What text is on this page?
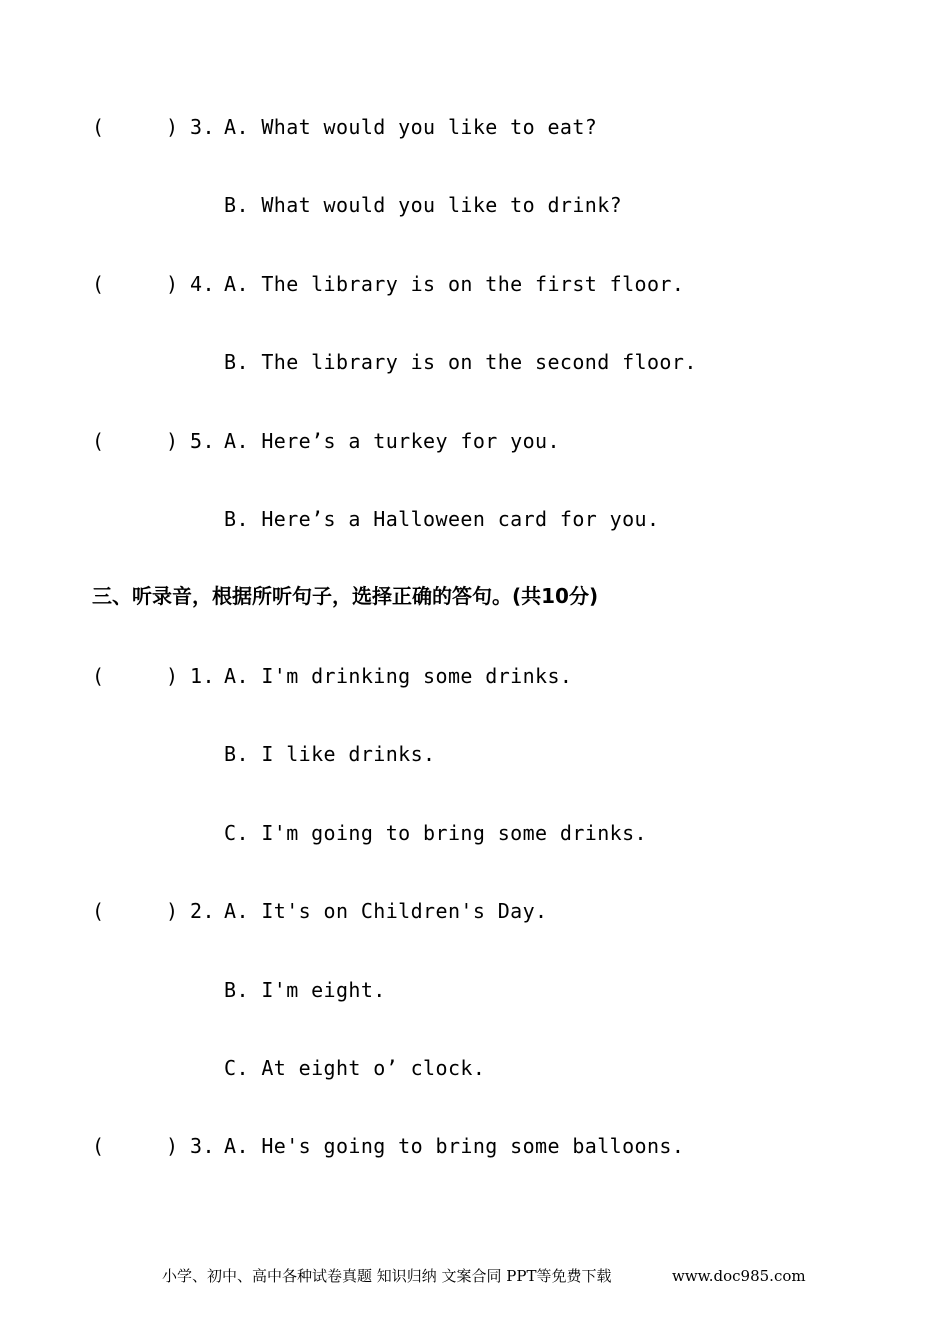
(	) 3. A. What would you like to eat?
B. What would you like to drink?
(	) 4. A. The library is on the first floor.
B. The library is on the second floor.
(	) 5. A. Here’s a turkey for you.
B. Here’s a Halloween card for you.
三、听录音，根据所听句子，选择正确的答句。(共10分)
(	) 1. A. I'm drinking some drinks.
B. I like drinks.
C. I'm going to bring some drinks.
(	) 2. A. It's on Children's Day.
B. I'm eight.
C. At eight o’ clock.
(	) 3. A. He's going to bring some balloons.
小学、初中、高中各种试卷真题 知识归纳 文案合同 PPT等免费下载	www.doc985.com
